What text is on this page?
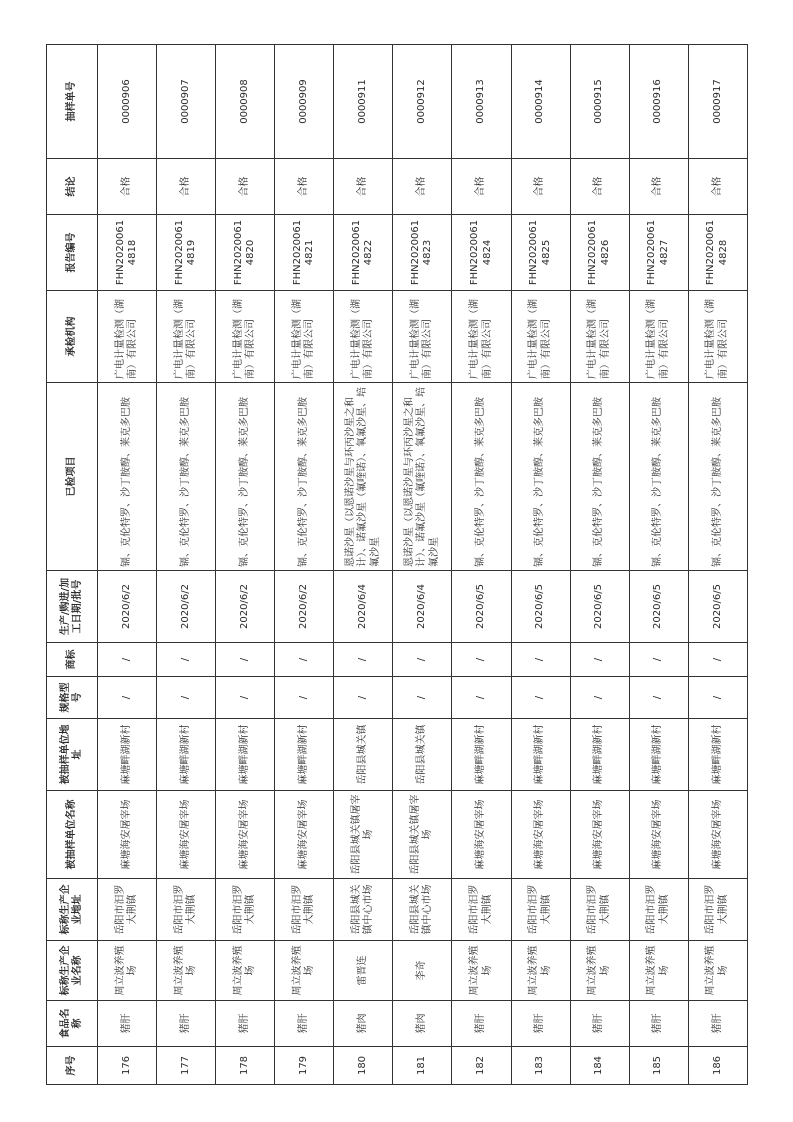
序号	食品名称	标称生产企业名称	标称生产企业地址	被抽样单位名称	被抽样单位地址	规格型号	商标	生产/购进/加工日期/批号	已检项目	承检机构	报告编号	结论	抽样单号
176	猪肝	周立波养殖场	岳阳市汨罗大荆镇	麻塘海安屠宰场	麻塘畔湖新村	/	/	2020/6/2	镉、克伦特罗、沙丁胺醇、莱克多巴胺	广电计量检测（湖南）有限公司	FHN20200614818	合格	0000906
177	猪肝	周立波养殖场	岳阳市汨罗大荆镇	麻塘海安屠宰场	麻塘畔湖新村	/	/	2020/6/2	镉、克伦特罗、沙丁胺醇、莱克多巴胺	广电计量检测（湖南）有限公司	FHN20200614819	合格	0000907
178	猪肝	周立波养殖场	岳阳市汨罗大荆镇	麻塘海安屠宰场	麻塘畔湖新村	/	/	2020/6/2	镉、克伦特罗、沙丁胺醇、莱克多巴胺	广电计量检测（湖南）有限公司	FHN20200614820	合格	0000908
179	猪肝	周立波养殖场	岳阳市汨罗大荆镇	麻塘海安屠宰场	麻塘畔湖新村	/	/	2020/6/2	镉、克伦特罗、沙丁胺醇、莱克多巴胺	广电计量检测（湖南）有限公司	FHN20200614821	合格	0000909
180	猪肉	雷晋连	岳阳县城关镇中心市场	岳阳县城关镇屠宰场	岳阳县城关镇	/	/	2020/6/4	恩诺沙星（以恩诺沙星与环丙沙星之和计）、诺氟沙星（氟喹诺）、氧氟沙星、培氟沙星	广电计量检测（湖南）有限公司	FHN20200614822	合格	0000911
181	猪肉	李奇	岳阳县城关镇中心市场	岳阳县城关镇屠宰场	岳阳县城关镇	/	/	2020/6/4	恩诺沙星（以恩诺沙星与环丙沙星之和计）、诺氟沙星（氟喹诺）、氧氟沙星、培氟沙星	广电计量检测（湖南）有限公司	FHN20200614823	合格	0000912
182	猪肝	周立波养殖场	岳阳市汨罗大荆镇	麻塘海安屠宰场	麻塘畔湖新村	/	/	2020/6/5	镉、克伦特罗、沙丁胺醇、莱克多巴胺	广电计量检测（湖南）有限公司	FHN20200614824	合格	0000913
183	猪肝	周立波养殖场	岳阳市汨罗大荆镇	麻塘海安屠宰场	麻塘畔湖新村	/	/	2020/6/5	镉、克伦特罗、沙丁胺醇、莱克多巴胺	广电计量检测（湖南）有限公司	FHN20200614825	合格	0000914
184	猪肝	周立波养殖场	岳阳市汨罗大荆镇	麻塘海安屠宰场	麻塘畔湖新村	/	/	2020/6/5	镉、克伦特罗、沙丁胺醇、莱克多巴胺	广电计量检测（湖南）有限公司	FHN20200614826	合格	0000915
185	猪肝	周立波养殖场	岳阳市汨罗大荆镇	麻塘海安屠宰场	麻塘畔湖新村	/	/	2020/6/5	镉、克伦特罗、沙丁胺醇、莱克多巴胺	广电计量检测（湖南）有限公司	FHN20200614827	合格	0000916
186	猪肝	周立波养殖场	岳阳市汨罗大荆镇	麻塘海安屠宰场	麻塘畔湖新村	/	/	2020/6/5	镉、克伦特罗、沙丁胺醇、莱克多巴胺	广电计量检测（湖南）有限公司	FHN20200614828	合格	0000917
